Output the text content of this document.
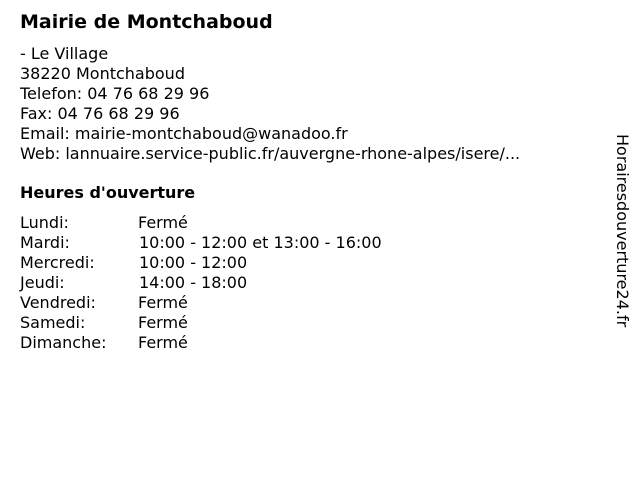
Mairie de Montchaboud
- Le Village
38220 Montchaboud
Telefon: 04 76 68 29 96
Fax: 04 76 68 29 96
Email: mairie-montchaboud@wanadoo.fr
Web: lannuaire.service-public.fr/auvergne-rhone-alpes/isere/...
Heures d'ouverture
Lundi:	Fermé
Mardi:	10:00 - 12:00 et 13:00 - 16:00
Mercredi:	10:00 - 12:00
Jeudi:	14:00 - 18:00
Vendredi:	Fermé
Samedi:	Fermé
Dimanche: Fermé
Horairesdouverture24.fr
